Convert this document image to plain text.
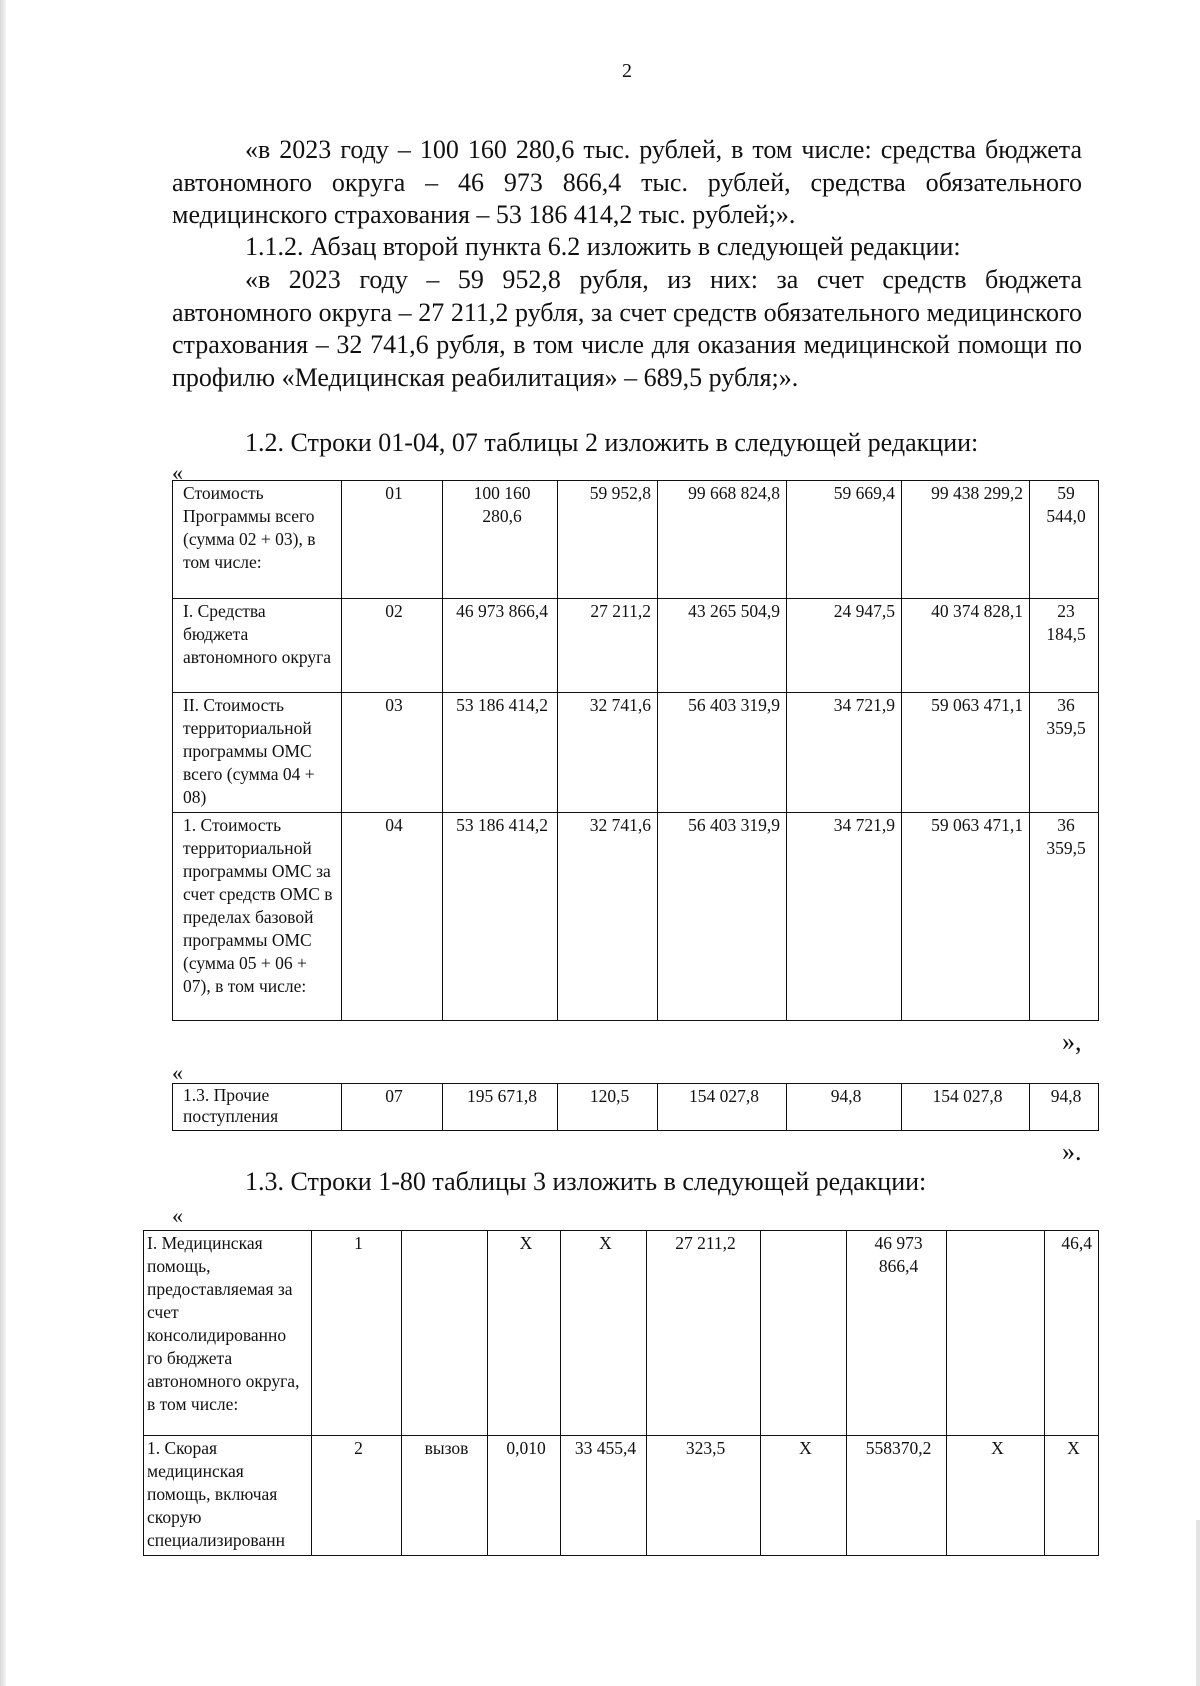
2
«в 2023 году – 100 160 280,6 тыс. рублей, в том числе: средства бюджета автономного округа – 46 973 866,4 тыс. рублей, средства обязательного медицинского страхования – 53 186 414,2 тыс. рублей;».
1.1.2. Абзац второй пункта 6.2 изложить в следующей редакции:
«в 2023 году – 59 952,8 рубля, из них: за счет средств бюджета автономного округа – 27 211,2 рубля, за счет средств обязательного медицинского страхования – 32 741,6 рубля, в том числе для оказания медицинской помощи по профилю «Медицинская реабилитация» – 689,5 рубля;».
1.2. Строки 01-04, 07 таблицы 2 изложить в следующей редакции:
«
Стоимость Программы всего (сумма 02 + 03), в том числе:	01	100 160 280,6	59 952,8	99 668 824,8	59 669,4	99 438 299,2	59 544,0
I. Средства бюджета автономного округа	02	46 973 866,4	27 211,2	43 265 504,9	24 947,5	40 374 828,1	23 184,5
II. Стоимость территориальной программы ОМС всего (сумма 04 + 08)	03	53 186 414,2	32 741,6	56 403 319,9	34 721,9	59 063 471,1	36 359,5
1. Стоимость территориальной программы ОМС за счет средств ОМС в пределах базовой программы ОМС (сумма 05 + 06 + 07), в том числе:	04	53 186 414,2	32 741,6	56 403 319,9	34 721,9	59 063 471,1	36 359,5
»,
«
1.3. Прочие поступления	07	195 671,8	120,5	154 027,8	94,8	154 027,8	94,8
».
1.3. Строки 1-80 таблицы 3 изложить в следующей редакции:
«
I. Медицинская помощь, предоставляемая за счет консолидированно го бюджета автономного округа, в том числе:	1		X	X	27 211,2		46 973 866,4		46,4
1. Скорая медицинская помощь, включая скорую специализированн	2	вызов	0,010	33 455,4	323,5	X	558370,2	X	X
